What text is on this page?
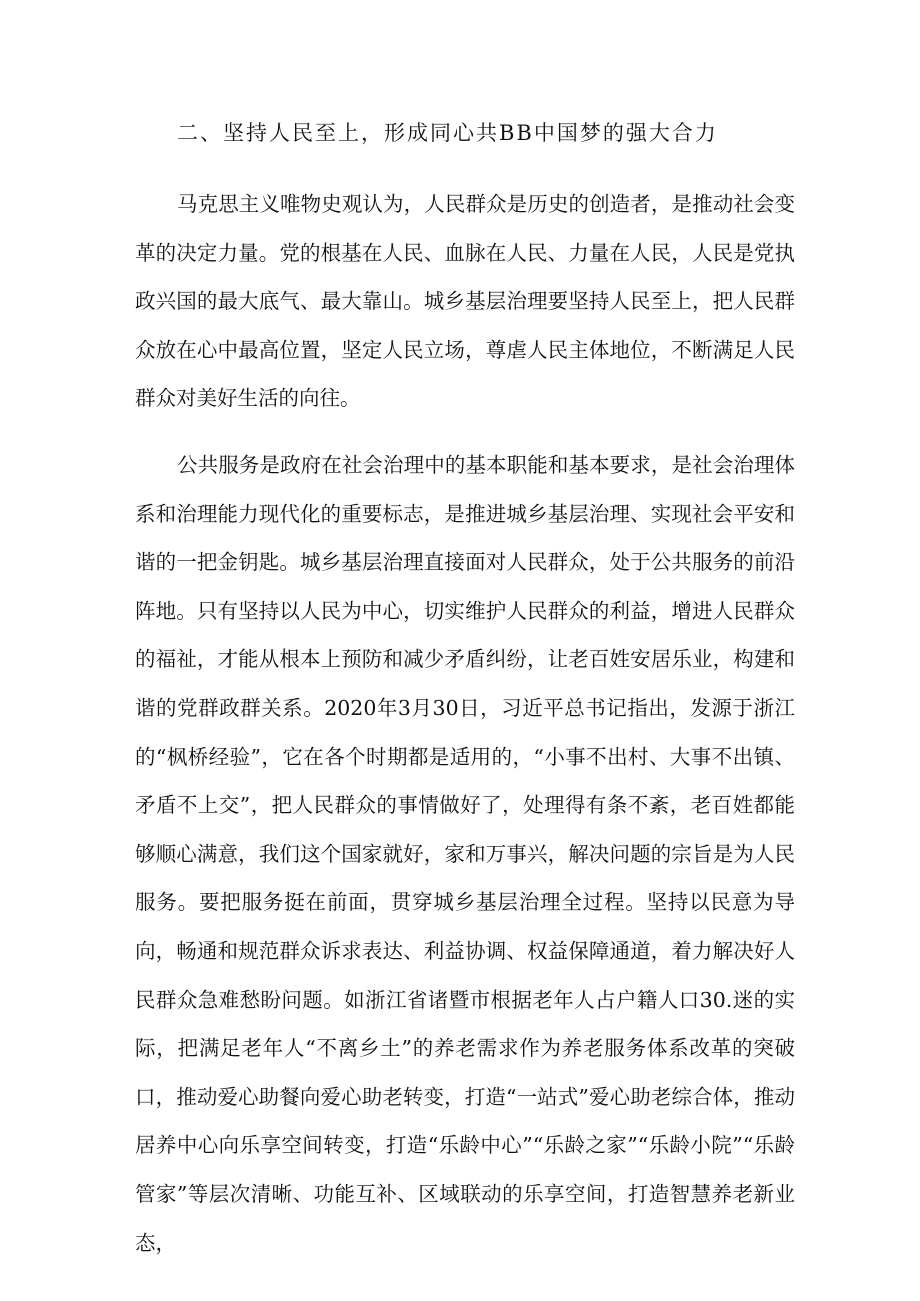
二、坚持人民至上，形成同心共BB中国梦的强大合力

马克思主义唯物史观认为，人民群众是历史的创造者，是推动社会变革的决定力量。党的根基在人民、血脉在人民、力量在人民，人民是党执政兴国的最大底气、最大靠山。城乡基层治理要坚持人民至上，把人民群众放在心中最高位置，坚定人民立场，尊虐人民主体地位，不断满足人民群众对美好生活的向往。

公共服务是政府在社会治理中的基本职能和基本要求，是社会治理体系和治理能力现代化的重要标志，是推进城乡基层治理、实现社会平安和谐的一把金钥匙。城乡基层治理直接面对人民群众，处于公共服务的前沿阵地。只有坚持以人民为中心，切实维护人民群众的利益，增进人民群众的福祉，才能从根本上预防和减少矛盾纠纷，让老百姓安居乐业，构建和谐的党群政群关系。2020年3月30日，习近平总书记指出，发源于浙江的“枫桥经验”，它在各个时期都是适用的，“小事不出村、大事不出镇、矛盾不上交”，把人民群众的事情做好了，处理得有条不紊，老百姓都能够顺心满意，我们这个国家就好，家和万事兴，解决问题的宗旨是为人民服务。要把服务挺在前面，贯穿城乡基层治理全过程。坚持以民意为导向，畅通和规范群众诉求表达、利益协调、权益保障通道，着力解决好人民群众急难愁盼问题。如浙江省诸暨市根据老年人占户籍人口30.迷的实际，把满足老年人“不离乡土”的养老需求作为养老服务体系改革的突破口，推动爱心助餐向爱心助老转变，打造“一站式”爱心助老综合体，推动居养中心向乐享空间转变，打造“乐龄中心”“乐龄之家”“乐龄小院”“乐龄管家”等层次清晰、功能互补、区域联动的乐享空间，打造智慧养老新业态，
